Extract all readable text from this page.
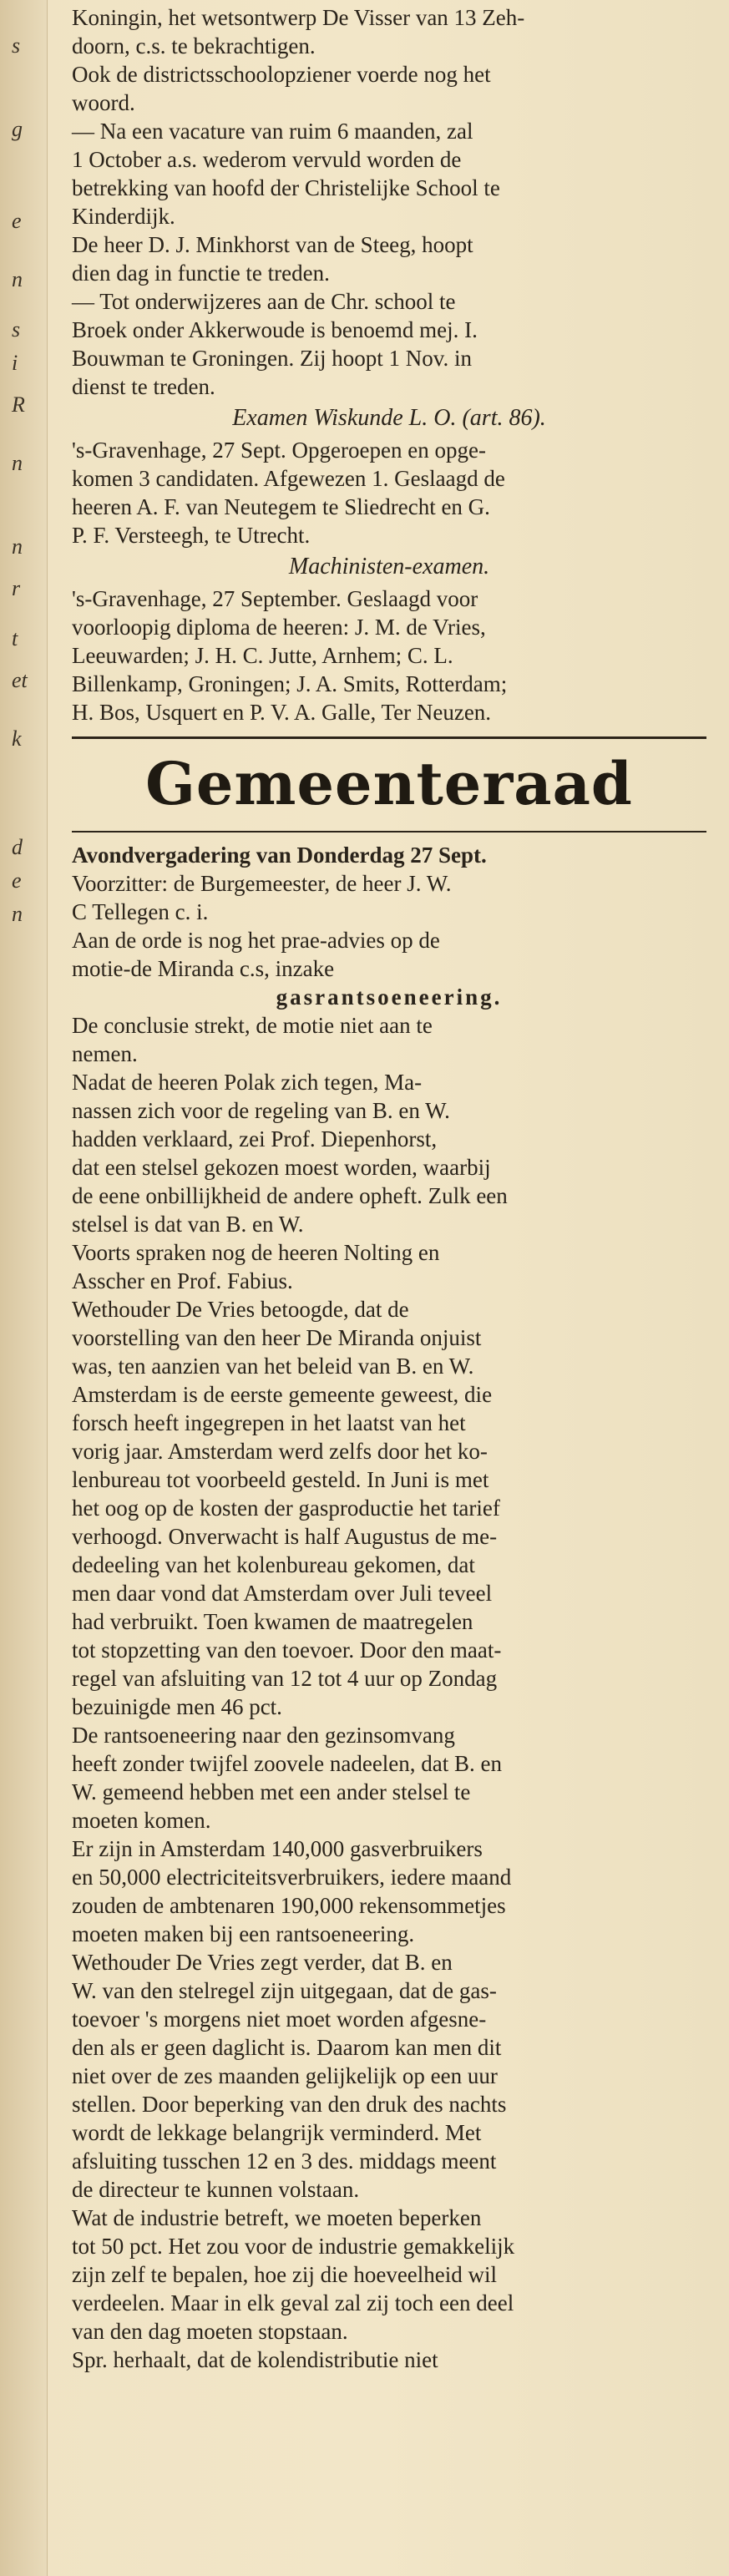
s
g
e
n
s
i
R
n
n
r
t
et
k
d
e
n
Koningin, het wetsontwerp De Visser van 13 Zeh-
doorn, c.s. te bekrachtigen.
Ook de districtsschoolopziener voerde nog het
woord.
— Na een vacature van ruim 6 maanden, zal
1 October a.s. wederom vervuld worden de
betrekking van hoofd der Christelijke School te
Kinderdijk.
De heer D. J. Minkhorst van de Steeg, hoopt
dien dag in functie te treden.
— Tot onderwijzeres aan de Chr. school te
Broek onder Akkerwoude is benoemd mej. I.
Bouwman te Groningen. Zij hoopt 1 Nov. in
dienst te treden.
Examen Wiskunde L. O. (art. 86).
's-Gravenhage, 27 Sept. Opgeroepen en opge-
komen 3 candidaten. Afgewezen 1. Geslaagd de
heeren A. F. van Neutegem te Sliedrecht en G.
P. F. Versteegh, te Utrecht.
Machinisten-examen.
's-Gravenhage, 27 September. Geslaagd voor
voorloopig diploma de heeren: J. M. de Vries,
Leeuwarden; J. H. C. Jutte, Arnhem; C. L.
Billenkamp, Groningen; J. A. Smits, Rotterdam;
H. Bos, Usquert en P. V. A. Galle, Ter Neuzen.
Gemeenteraad
Avondvergadering van Donderdag 27 Sept.
Voorzitter: de Burgemeester, de heer J. W.
C Tellegen c. i.
Aan de orde is nog het prae-advies op de
motie-de Miranda c.s, inzake
gasrantsoeneering.
De conclusie strekt, de motie niet aan te
nemen.
Nadat de heeren Polak zich tegen, Ma-
nassen zich voor de regeling van B. en W.
hadden verklaard, zei Prof. Diepenhorst,
dat een stelsel gekozen moest worden, waarbij
de eene onbillijkheid de andere opheft. Zulk een
stelsel is dat van B. en W.
Voorts spraken nog de heeren Nolting en
Asscher en Prof. Fabius.
Wethouder De Vries betoogde, dat de
voorstelling van den heer De Miranda onjuist
was, ten aanzien van het beleid van B. en W.
Amsterdam is de eerste gemeente geweest, die
forsch heeft ingegrepen in het laatst van het
vorig jaar. Amsterdam werd zelfs door het ko-
lenbureau tot voorbeeld gesteld. In Juni is met
het oog op de kosten der gasproductie het tarief
verhoogd. Onverwacht is half Augustus de me-
dedeeling van het kolenbureau gekomen, dat
men daar vond dat Amsterdam over Juli teveel
had verbruikt. Toen kwamen de maatregelen
tot stopzetting van den toevoer. Door den maat-
regel van afsluiting van 12 tot 4 uur op Zondag
bezuinigde men 46 pct.
De rantsoeneering naar den gezinsomvang
heeft zonder twijfel zoovele nadeelen, dat B. en
W. gemeend hebben met een ander stelsel te
moeten komen.
Er zijn in Amsterdam 140,000 gasverbruikers
en 50,000 electriciteitsverbruikers, iedere maand
zouden de ambtenaren 190,000 rekensommetjes
moeten maken bij een rantsoeneering.
Wethouder De Vries zegt verder, dat B. en
W. van den stelregel zijn uitgegaan, dat de gas-
toevoer 's morgens niet moet worden afgesne-
den als er geen daglicht is. Daarom kan men dit
niet over de zes maanden gelijkelijk op een uur
stellen. Door beperking van den druk des nachts
wordt de lekkage belangrijk verminderd. Met
afsluiting tusschen 12 en 3 des. middags meent
de directeur te kunnen volstaan.
Wat de industrie betreft, we moeten beperken
tot 50 pct. Het zou voor de industrie gemakkelijk
zijn zelf te bepalen, hoe zij die hoeveelheid wil
verdeelen. Maar in elk geval zal zij toch een deel
van den dag moeten stopstaan.
Spr. herhaalt, dat de kolendistributie niet
